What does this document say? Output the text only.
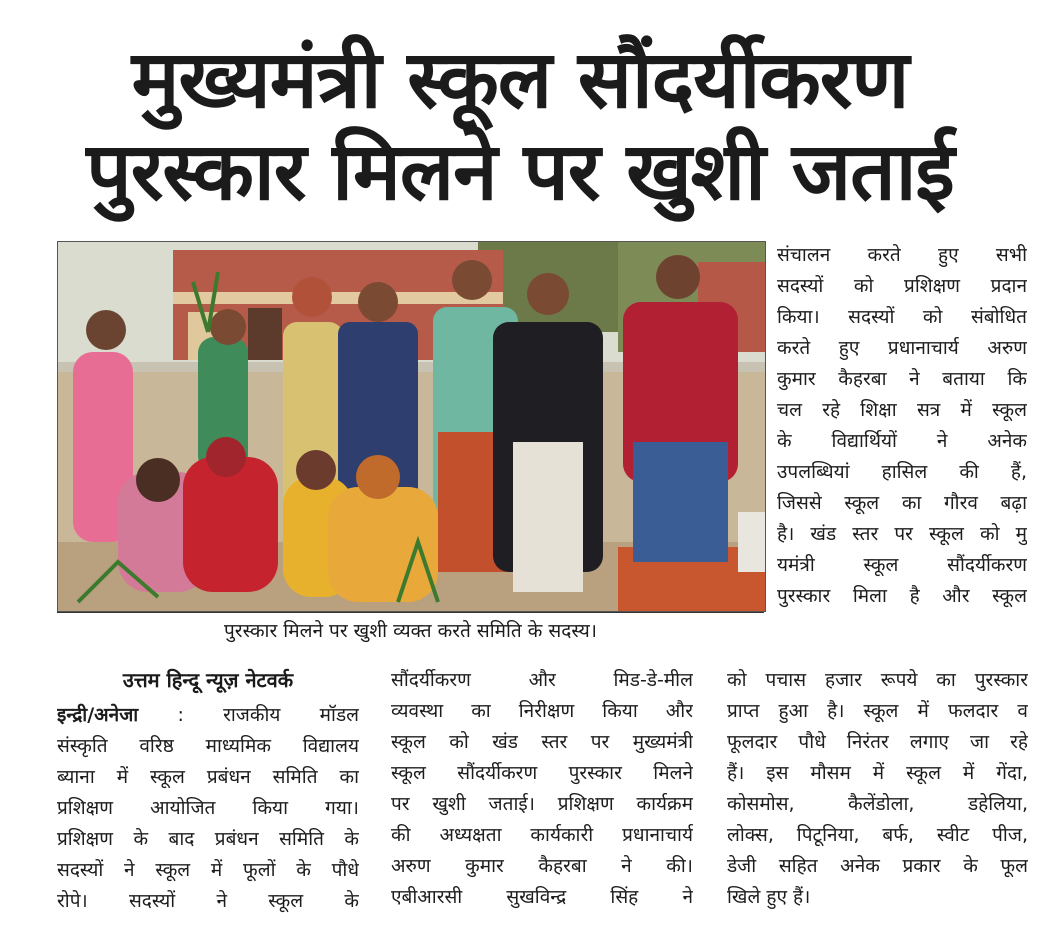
मुख्यमंत्री स्कूल सौंदर्यीकरण
पुरस्कार मिलने पर खुशी जताई
पुरस्कार मिलने पर खुशी व्यक्त करते समिति के सदस्य।
उत्तम हिन्दू न्यूज़ नेटवर्क
इन्द्री/अनेजा : राजकीय मॉडल
संस्कृति वरिष्ठ माध्यमिक विद्यालय
ब्याना में स्कूल प्रबंधन समिति का
प्रशिक्षण आयोजित किया गया।
प्रशिक्षण के बाद प्रबंधन समिति के
सदस्यों ने स्कूल में फूलों के पौधे
रोपे। सदस्यों ने स्कूल के
सौंदर्यीकरण और मिड-डे-मील
व्यवस्था का निरीक्षण किया और
स्कूल को खंड स्तर पर मुख्यमंत्री
स्कूल सौंदर्यीकरण पुरस्कार मिलने
पर खुशी जताई। प्रशिक्षण कार्यक्रम
की अध्यक्षता कार्यकारी प्रधानाचार्य
अरुण कुमार कैहरबा ने की।
एबीआरसी सुखविन्द्र सिंह ने
संचालन करते हुए सभी
सदस्यों को प्रशिक्षण प्रदान
किया। सदस्यों को संबोधित
करते हुए प्रधानाचार्य अरुण
कुमार कैहरबा ने बताया कि
चल रहे शिक्षा सत्र में स्कूल
के विद्यार्थियों ने अनेक
उपलब्धियां हासिल की हैं,
जिससे स्कूल का गौरव बढ़ा
है। खंड स्तर पर स्कूल को मु
यमंत्री स्कूल सौंदर्यीकरण
पुरस्कार मिला है और स्कूल
को पचास हजार रूपये का पुरस्कार
प्राप्त हुआ है। स्कूल में फलदार व
फूलदार पौधे निरंतर लगाए जा रहे
हैं। इस मौसम में स्कूल में गेंदा,
कोसमोस, कैलेंडोला, डहेलिया,
लोक्स, पिटूनिया, बर्फ, स्वीट पीज,
डेजी सहित अनेक प्रकार के फूल
खिले हुए हैं।
